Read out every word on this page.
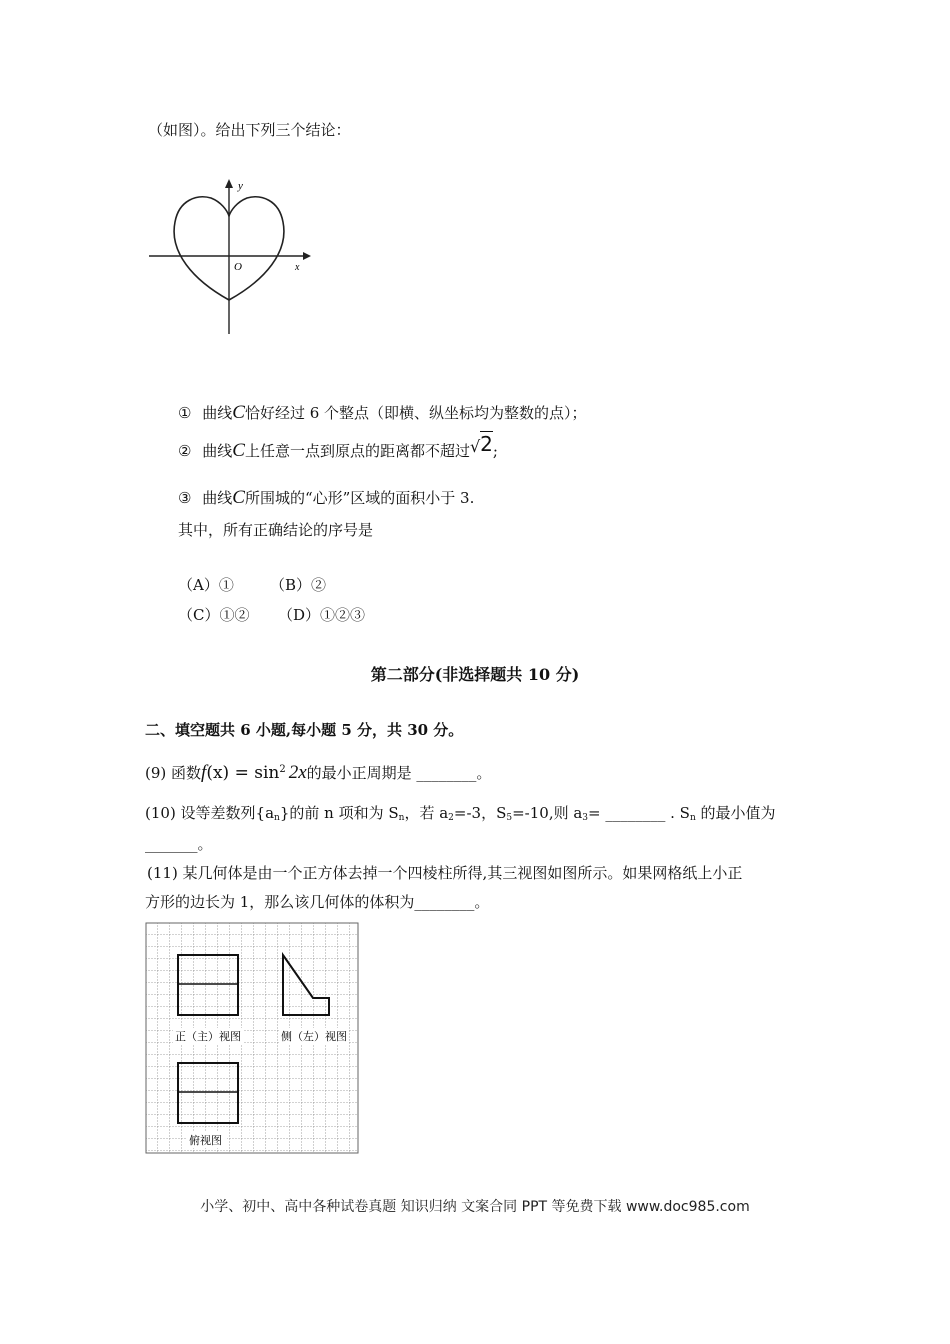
（如图）。给出下列三个结论：
y
x
O
① 曲线C恰好经过 6 个整点（即横、纵坐标均为整数的点）；
② 曲线C上任意一点到原点的距离都不超过√2;
③ 曲线C所围城的“心形”区域的面积小于 3.
其中，所有正确结论的序号是
（A）① （B）②
（C）①② （D）①②③
第二部分(非选择题共 10 分)
二、填空题共 6 小题,每小题 5 分，共 30 分。
(9) 函数$f(x) = \sin^2 2x$的最小正周期是 ________。
(10) 设等差数列$\{a_n\}$的前 n 项和为 $S_n$，若 $a_2=-3$，$S_5=-10$,则 $a_3=$ ________ . $S_n$ 的最小值为
_______。
(11) 某几何体是由一个正方体去掉一个四棱柱所得,其三视图如图所示。如果网格纸上小正
方形的边长为 1，那么该几何体的体积为________。
正（主）视图	侧（左）视图
俯视图
小学、初中、高中各种试卷真题 知识归纳 文案合同 PPT 等免费下载 www.doc985.com
